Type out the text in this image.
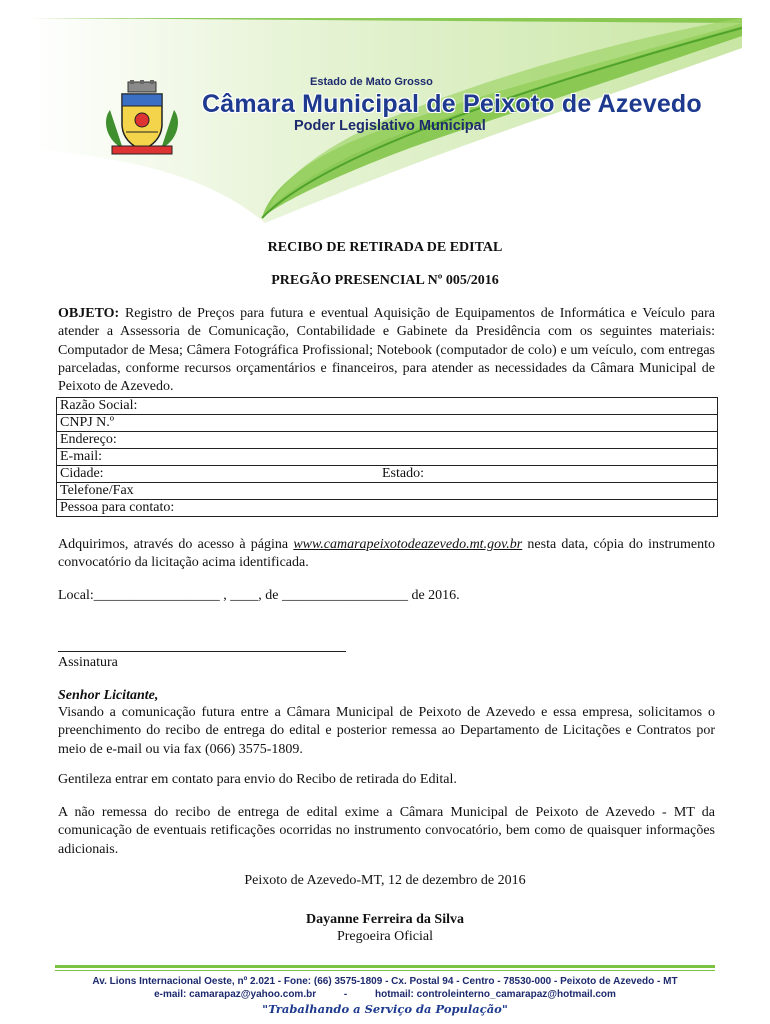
Estado de Mato Grosso
Câmara Municipal de Peixoto de Azevedo
Poder Legislativo Municipal
RECIBO DE RETIRADA DE EDITAL
PREGÃO PRESENCIAL Nº 005/2016
OBJETO: Registro de Preços para futura e eventual Aquisição de Equipamentos de Informática e Veículo para atender a Assessoria de Comunicação, Contabilidade e Gabinete da Presidência com os seguintes materiais: Computador de Mesa; Câmera Fotográfica Profissional; Notebook (computador de colo) e um veículo, com entregas parceladas, conforme recursos orçamentários e financeiros, para atender as necessidades da Câmara Municipal de Peixoto de Azevedo.
Razão Social:
CNPJ N.º
Endereço:
E-mail:
Cidade:	Estado:

Telefone/Fax
Pessoa para contato:
Adquirimos, através do acesso à página www.camarapeixotodeazevedo.mt.gov.br nesta data, cópia do instrumento convocatório da licitação acima identificada.
Local:__________________ , ____, de __________________ de 2016.
Assinatura
Senhor Licitante,
Visando a comunicação futura entre a Câmara Municipal de Peixoto de Azevedo e essa empresa, solicitamos o preenchimento do recibo de entrega do edital e posterior remessa ao Departamento de Licitações e Contratos por meio de e-mail ou via fax (066) 3575-1809.
Gentileza entrar em contato para envio do Recibo de retirada do Edital.
A não remessa do recibo de entrega de edital exime a Câmara Municipal de Peixoto de Azevedo - MT da comunicação de eventuais retificações ocorridas no instrumento convocatório, bem como de quaisquer informações adicionais.
Peixoto de Azevedo-MT, 12 de dezembro de 2016
Dayanne Ferreira da Silva
Pregoeira Oficial
Av. Lions Internacional Oeste, nº 2.021 - Fone: (66) 3575-1809 - Cx. Postal 94 - Centro - 78530-000 - Peixoto de Azevedo - MT
e-mail: camarapaz@yahoo.com.br          -          hotmail: controleinterno_camarapaz@hotmail.com
"Trabalhando a Serviço da População"
